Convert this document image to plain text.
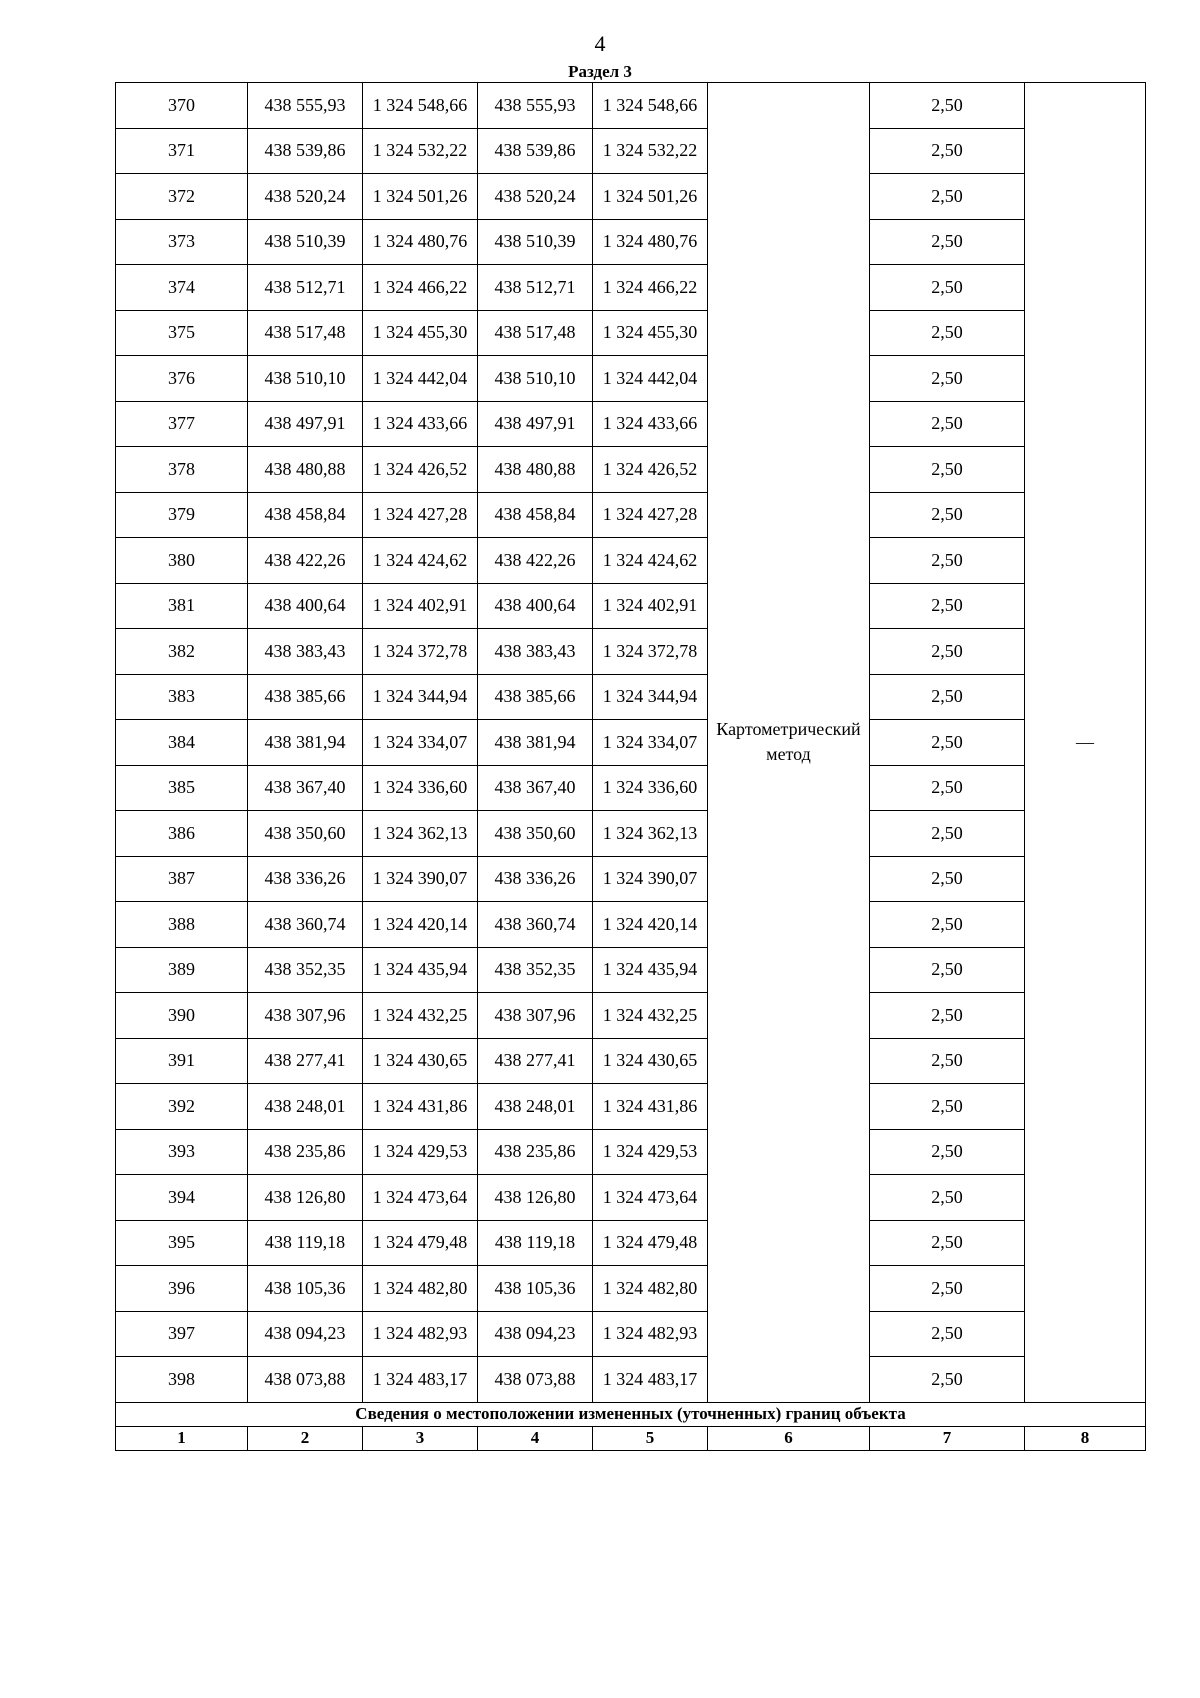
4
Раздел 3
370	438 555,93	1 324 548,66	438 555,93	1 324 548,66	Картометрический метод	2,50	—
371	438 539,86	1 324 532,22	438 539,86	1 324 532,22		2,50	
372	438 520,24	1 324 501,26	438 520,24	1 324 501,26		2,50	
373	438 510,39	1 324 480,76	438 510,39	1 324 480,76		2,50	
374	438 512,71	1 324 466,22	438 512,71	1 324 466,22		2,50	
375	438 517,48	1 324 455,30	438 517,48	1 324 455,30		2,50	
376	438 510,10	1 324 442,04	438 510,10	1 324 442,04		2,50	
377	438 497,91	1 324 433,66	438 497,91	1 324 433,66		2,50	
378	438 480,88	1 324 426,52	438 480,88	1 324 426,52		2,50	
379	438 458,84	1 324 427,28	438 458,84	1 324 427,28		2,50	
380	438 422,26	1 324 424,62	438 422,26	1 324 424,62		2,50	
381	438 400,64	1 324 402,91	438 400,64	1 324 402,91		2,50	
382	438 383,43	1 324 372,78	438 383,43	1 324 372,78		2,50	
383	438 385,66	1 324 344,94	438 385,66	1 324 344,94		2,50	
384	438 381,94	1 324 334,07	438 381,94	1 324 334,07		2,50	
385	438 367,40	1 324 336,60	438 367,40	1 324 336,60		2,50	
386	438 350,60	1 324 362,13	438 350,60	1 324 362,13		2,50	
387	438 336,26	1 324 390,07	438 336,26	1 324 390,07		2,50	
388	438 360,74	1 324 420,14	438 360,74	1 324 420,14		2,50	
389	438 352,35	1 324 435,94	438 352,35	1 324 435,94		2,50	
390	438 307,96	1 324 432,25	438 307,96	1 324 432,25		2,50	
391	438 277,41	1 324 430,65	438 277,41	1 324 430,65		2,50	
392	438 248,01	1 324 431,86	438 248,01	1 324 431,86		2,50	
393	438 235,86	1 324 429,53	438 235,86	1 324 429,53		2,50	
394	438 126,80	1 324 473,64	438 126,80	1 324 473,64		2,50	
395	438 119,18	1 324 479,48	438 119,18	1 324 479,48		2,50	
396	438 105,36	1 324 482,80	438 105,36	1 324 482,80		2,50	
397	438 094,23	1 324 482,93	438 094,23	1 324 482,93		2,50	
398	438 073,88	1 324 483,17	438 073,88	1 324 483,17		2,50	
Сведения о местоположении измененных (уточненных) границ объекта							
1	2	3	4	5	6	7	8
